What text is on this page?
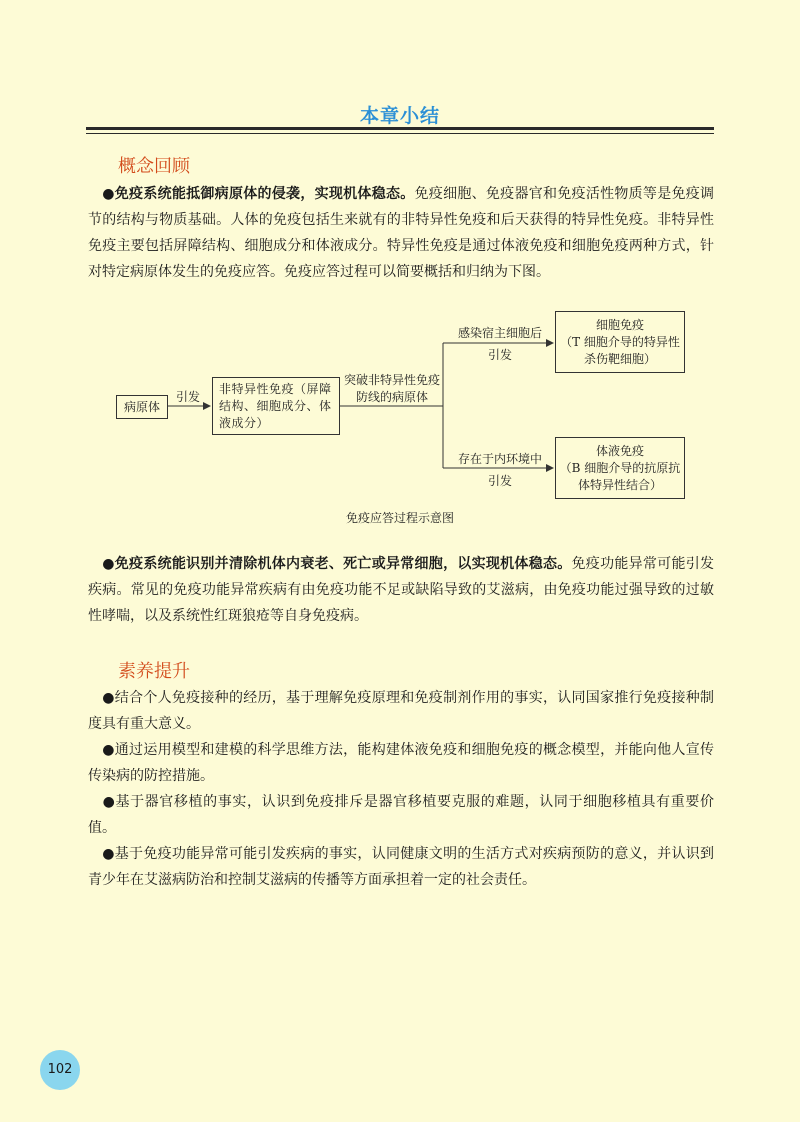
本章小结
概念回顾

 ●免疫系统能抵御病原体的侵袭，实现机体稳态。免疫细胞、免疫器官和免疫活性物质等是免疫调节的结构与物质基础。人体的免疫包括生来就有的非特异性免疫和后天获得的特异性免疫。非特异性免疫主要包括屏障结构、细胞成分和体液成分。特异性免疫是通过体液免疫和细胞免疫两种方式，针对特定病原体发生的免疫应答。免疫应答过程可以简要概括和归纳为下图。

病原体
引发
非特异性免疫（屏障结构、细胞成分、体液成分）
突破非特异性免疫防线的病原体
感染宿主细胞后
引发
细胞免疫
（T 细胞介导的特异性
杀伤靶细胞）
存在于内环境中
引发
体液免疫
（B 细胞介导的抗原抗
体特异性结合）
免疫应答过程示意图

 ●免疫系统能识别并清除机体内衰老、死亡或异常细胞，以实现机体稳态。免疫功能异常可能引发疾病。常见的免疫功能异常疾病有由免疫功能不足或缺陷导致的艾滋病，由免疫功能过强导致的过敏性哮喘，以及系统性红斑狼疮等自身免疫病。

素养提升

 ●结合个人免疫接种的经历，基于理解免疫原理和免疫制剂作用的事实，认同国家推行免疫接种制度具有重大意义。

 ●通过运用模型和建模的科学思维方法，能构建体液免疫和细胞免疫的概念模型，并能向他人宣传传染病的防控措施。

 ●基于器官移植的事实，认识到免疫排斥是器官移植要克服的难题，认同于细胞移植具有重要价值。

 ●基于免疫功能异常可能引发疾病的事实，认同健康文明的生活方式对疾病预防的意义，并认识到青少年在艾滋病防治和控制艾滋病的传播等方面承担着一定的社会责任。

102
